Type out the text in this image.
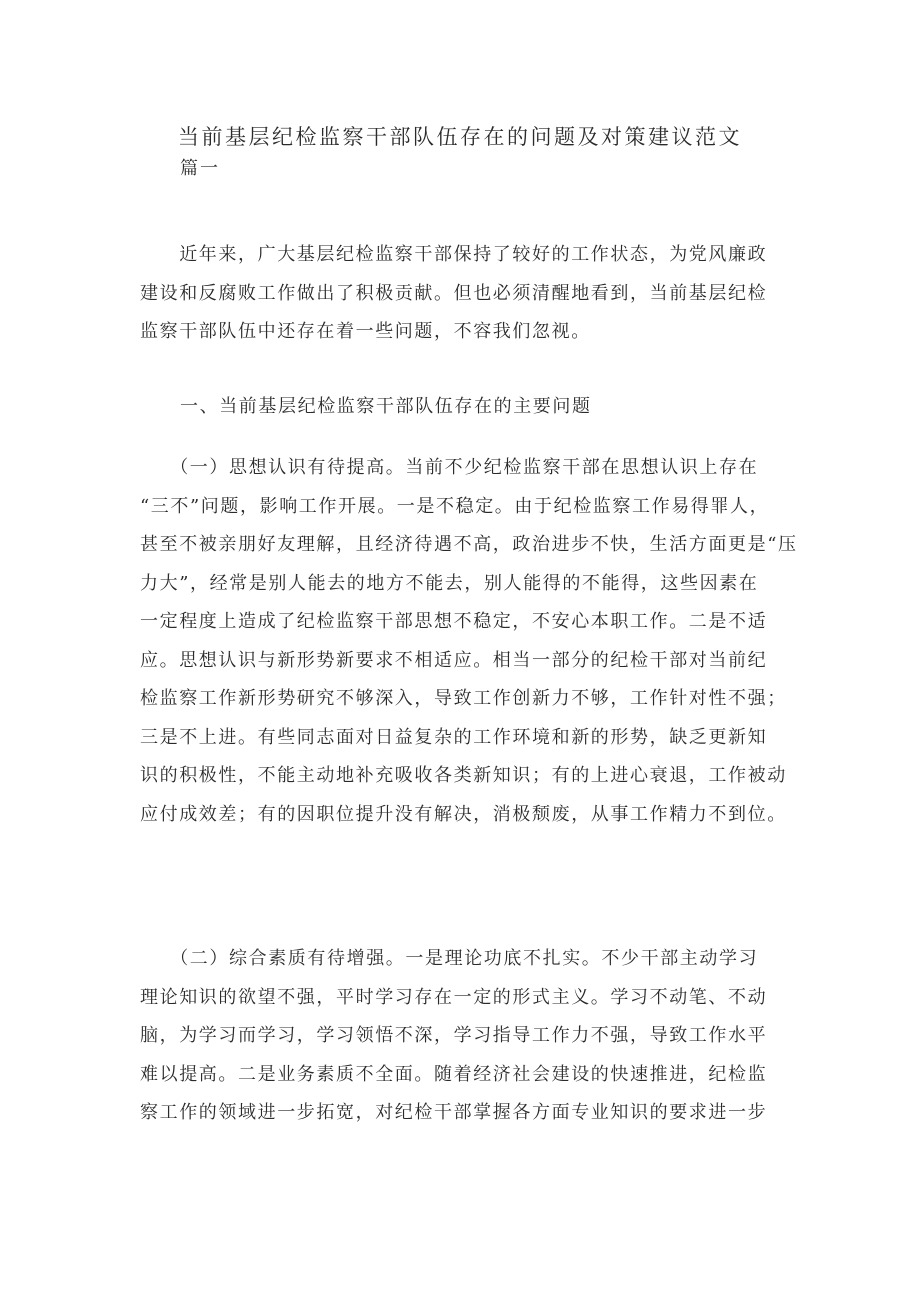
当前基层纪检监察干部队伍存在的问题及对策建议范文
篇一
　　近年来，广大基层纪检监察干部保持了较好的工作状态，为党风廉政
建设和反腐败工作做出了积极贡献。但也必须清醒地看到，当前基层纪检
监察干部队伍中还存在着一些问题，不容我们忽视。
一、当前基层纪检监察干部队伍存在的主要问题
　　（一）思想认识有待提高。当前不少纪检监察干部在思想认识上存在
“三不”问题，影响工作开展。一是不稳定。由于纪检监察工作易得罪人，
甚至不被亲朋好友理解，且经济待遇不高，政治进步不快，生活方面更是“压
力大”，经常是别人能去的地方不能去，别人能得的不能得，这些因素在
一定程度上造成了纪检监察干部思想不稳定，不安心本职工作。二是不适
应。思想认识与新形势新要求不相适应。相当一部分的纪检干部对当前纪
检监察工作新形势研究不够深入，导致工作创新力不够，工作针对性不强；
三是不上进。有些同志面对日益复杂的工作环境和新的形势，缺乏更新知
识的积极性，不能主动地补充吸收各类新知识；有的上进心衰退，工作被动
应付成效差；有的因职位提升没有解决，消极颓废，从事工作精力不到位。
　　（二）综合素质有待增强。一是理论功底不扎实。不少干部主动学习
理论知识的欲望不强，平时学习存在一定的形式主义。学习不动笔、不动
脑，为学习而学习，学习领悟不深，学习指导工作力不强，导致工作水平
难以提高。二是业务素质不全面。随着经济社会建设的快速推进，纪检监
察工作的领域进一步拓宽，对纪检干部掌握各方面专业知识的要求进一步
